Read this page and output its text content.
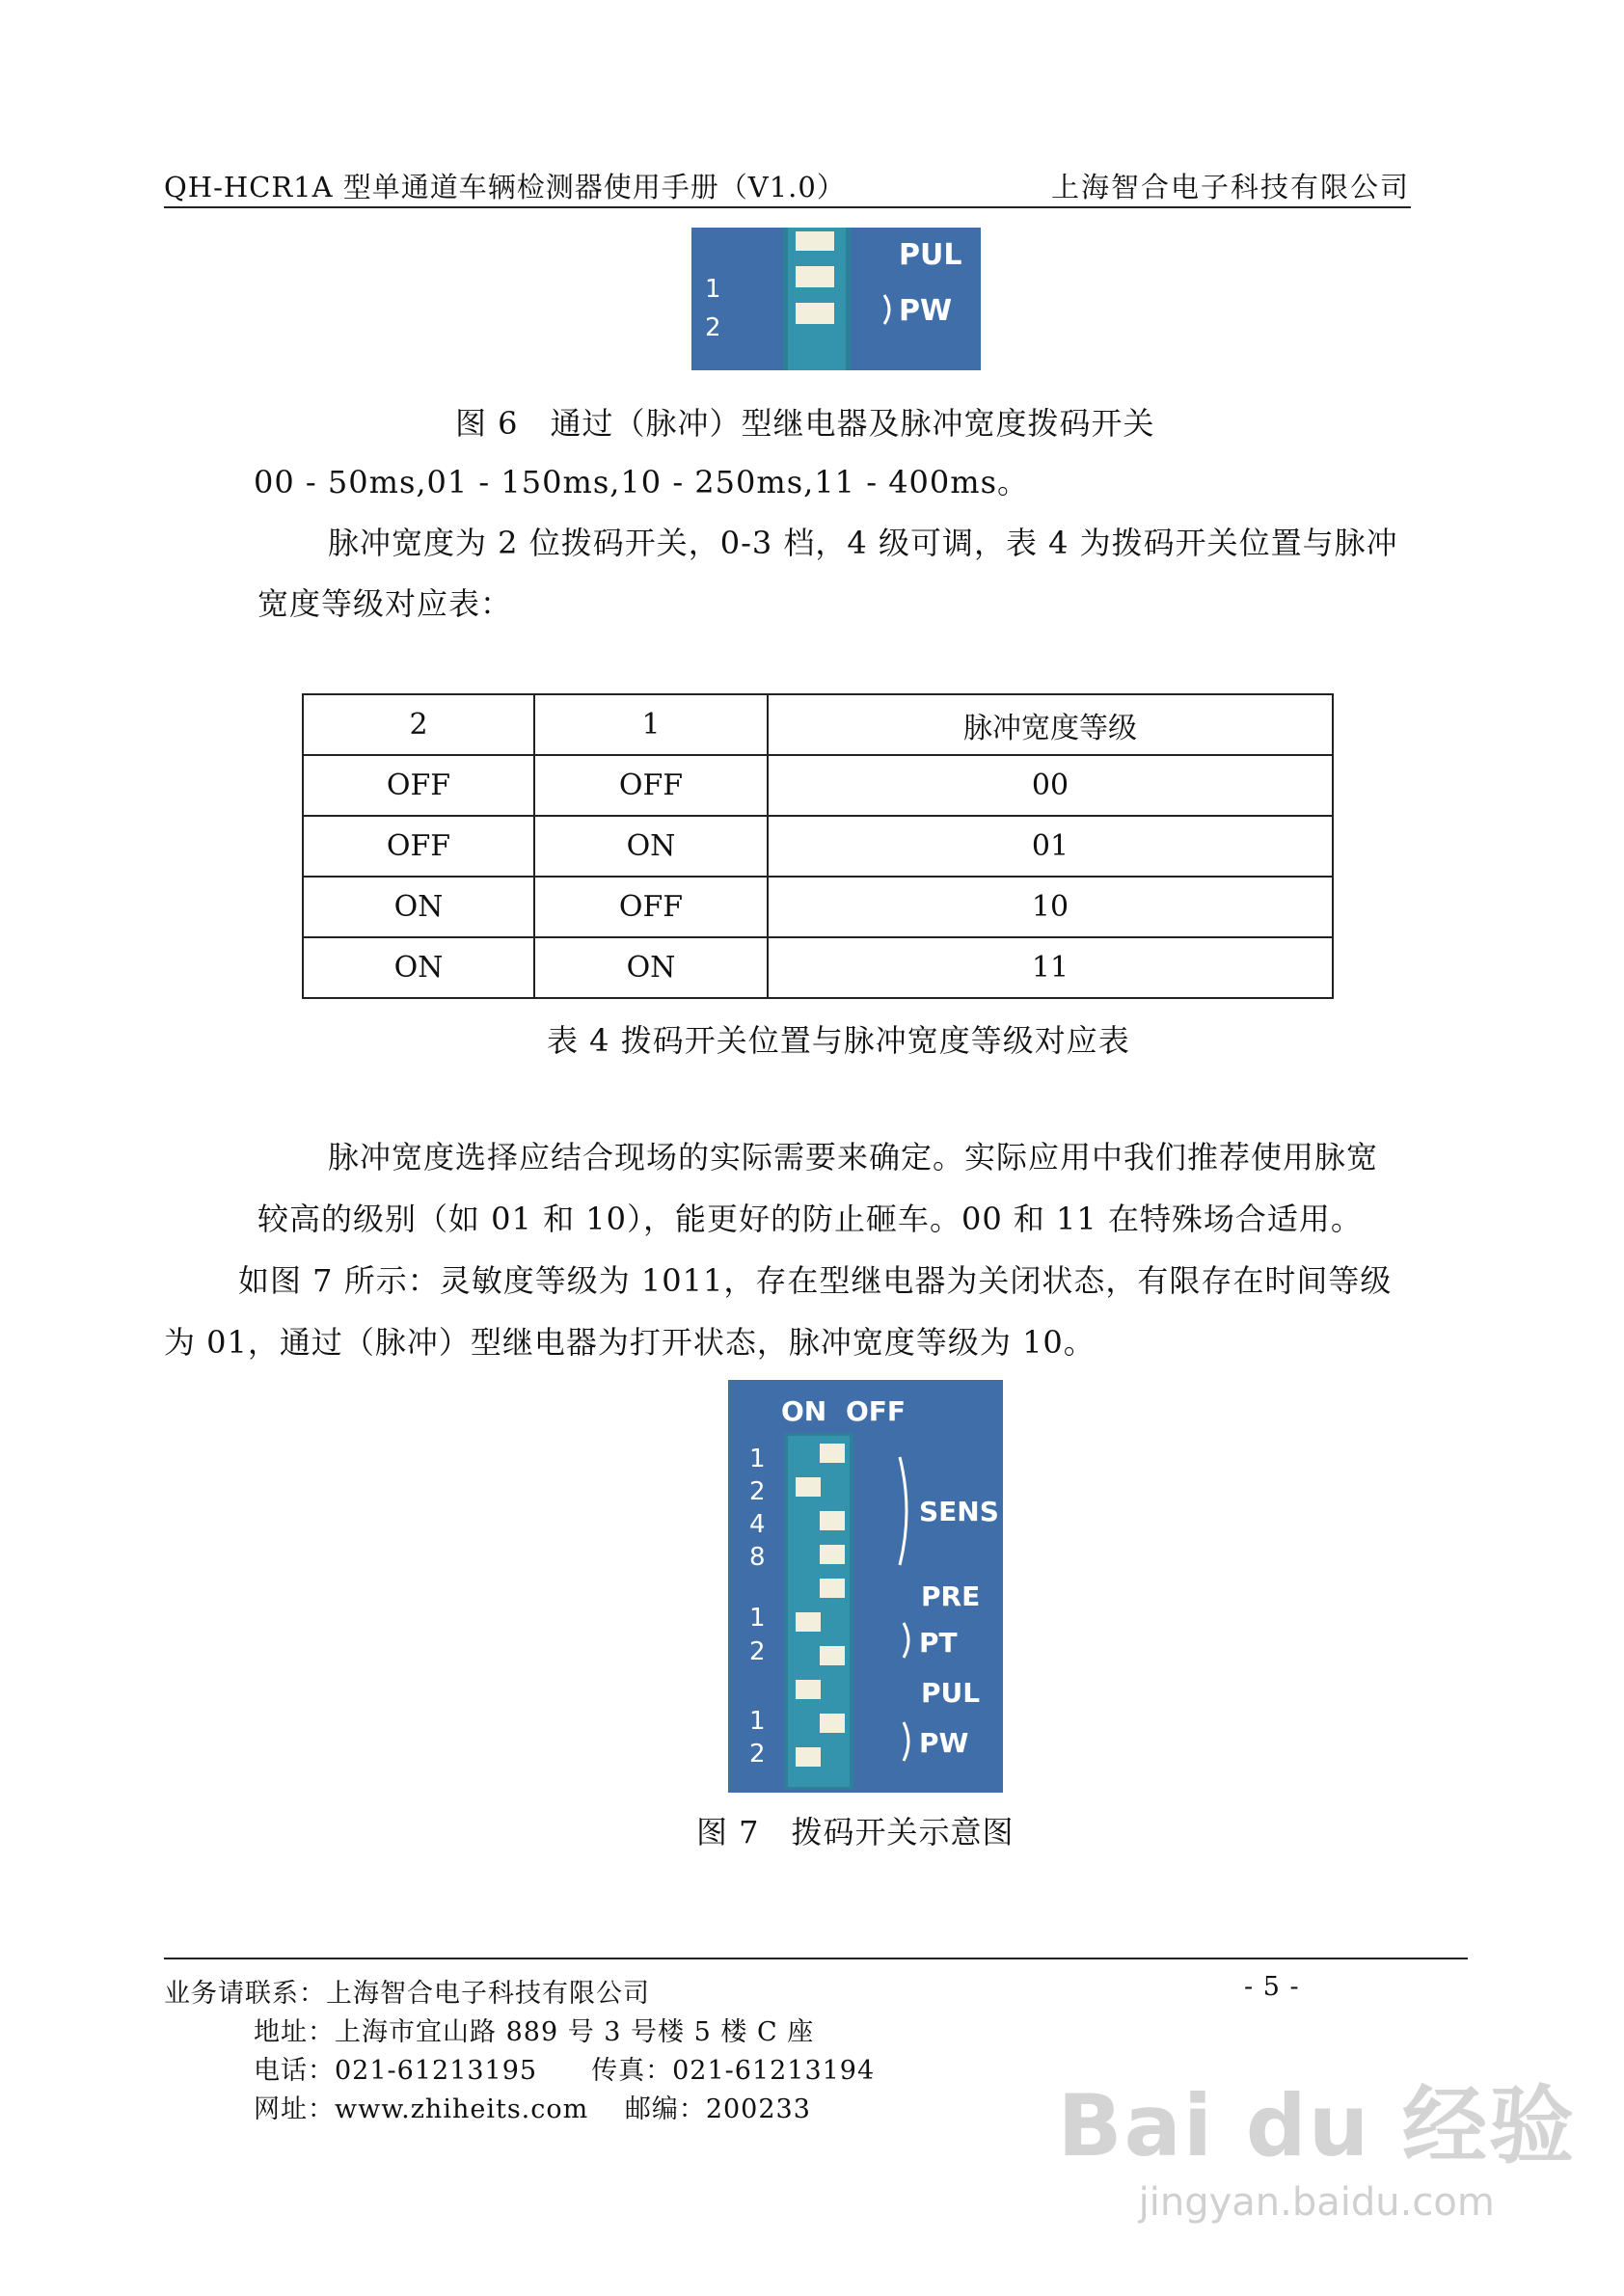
QH-HCR1A 型单通道车辆检测器使用手册（V1.0）	上海智合电子科技有限公司
1
2
PUL
PW
图 6　通过（脉冲）型继电器及脉冲宽度拨码开关
00 - 50ms,01 - 150ms,10 - 250ms,11 - 400ms。
脉冲宽度为 2 位拨码开关，0-3 档，4 级可调，表 4 为拨码开关位置与脉冲
宽度等级对应表：
2	1	脉冲宽度等级
OFF	OFF	00
OFF	ON	01
ON	OFF	10
ON	ON	11
表 4 拨码开关位置与脉冲宽度等级对应表
脉冲宽度选择应结合现场的实际需要来确定。实际应用中我们推荐使用脉宽
较高的级别（如 01 和 10），能更好的防止砸车。00 和 11 在特殊场合适用。
如图 7 所示：灵敏度等级为 1011，存在型继电器为关闭状态，有限存在时间等级
为 01，通过（脉冲）型继电器为打开状态，脉冲宽度等级为 10。
ON OFF
1
2
4
8
1
2
1
2
SENS
PRE
PT
PUL
PW
图 7　拨码开关示意图
业务请联系：上海智合电子科技有限公司	- 5 -
地址：上海市宜山路 889 号 3 号楼 5 楼 C 座
电话：021-61213195　　传真：021-61213194
网址：www.zhiheits.com　 邮编：200233	Bai du 经验
jingyan.baidu.com
